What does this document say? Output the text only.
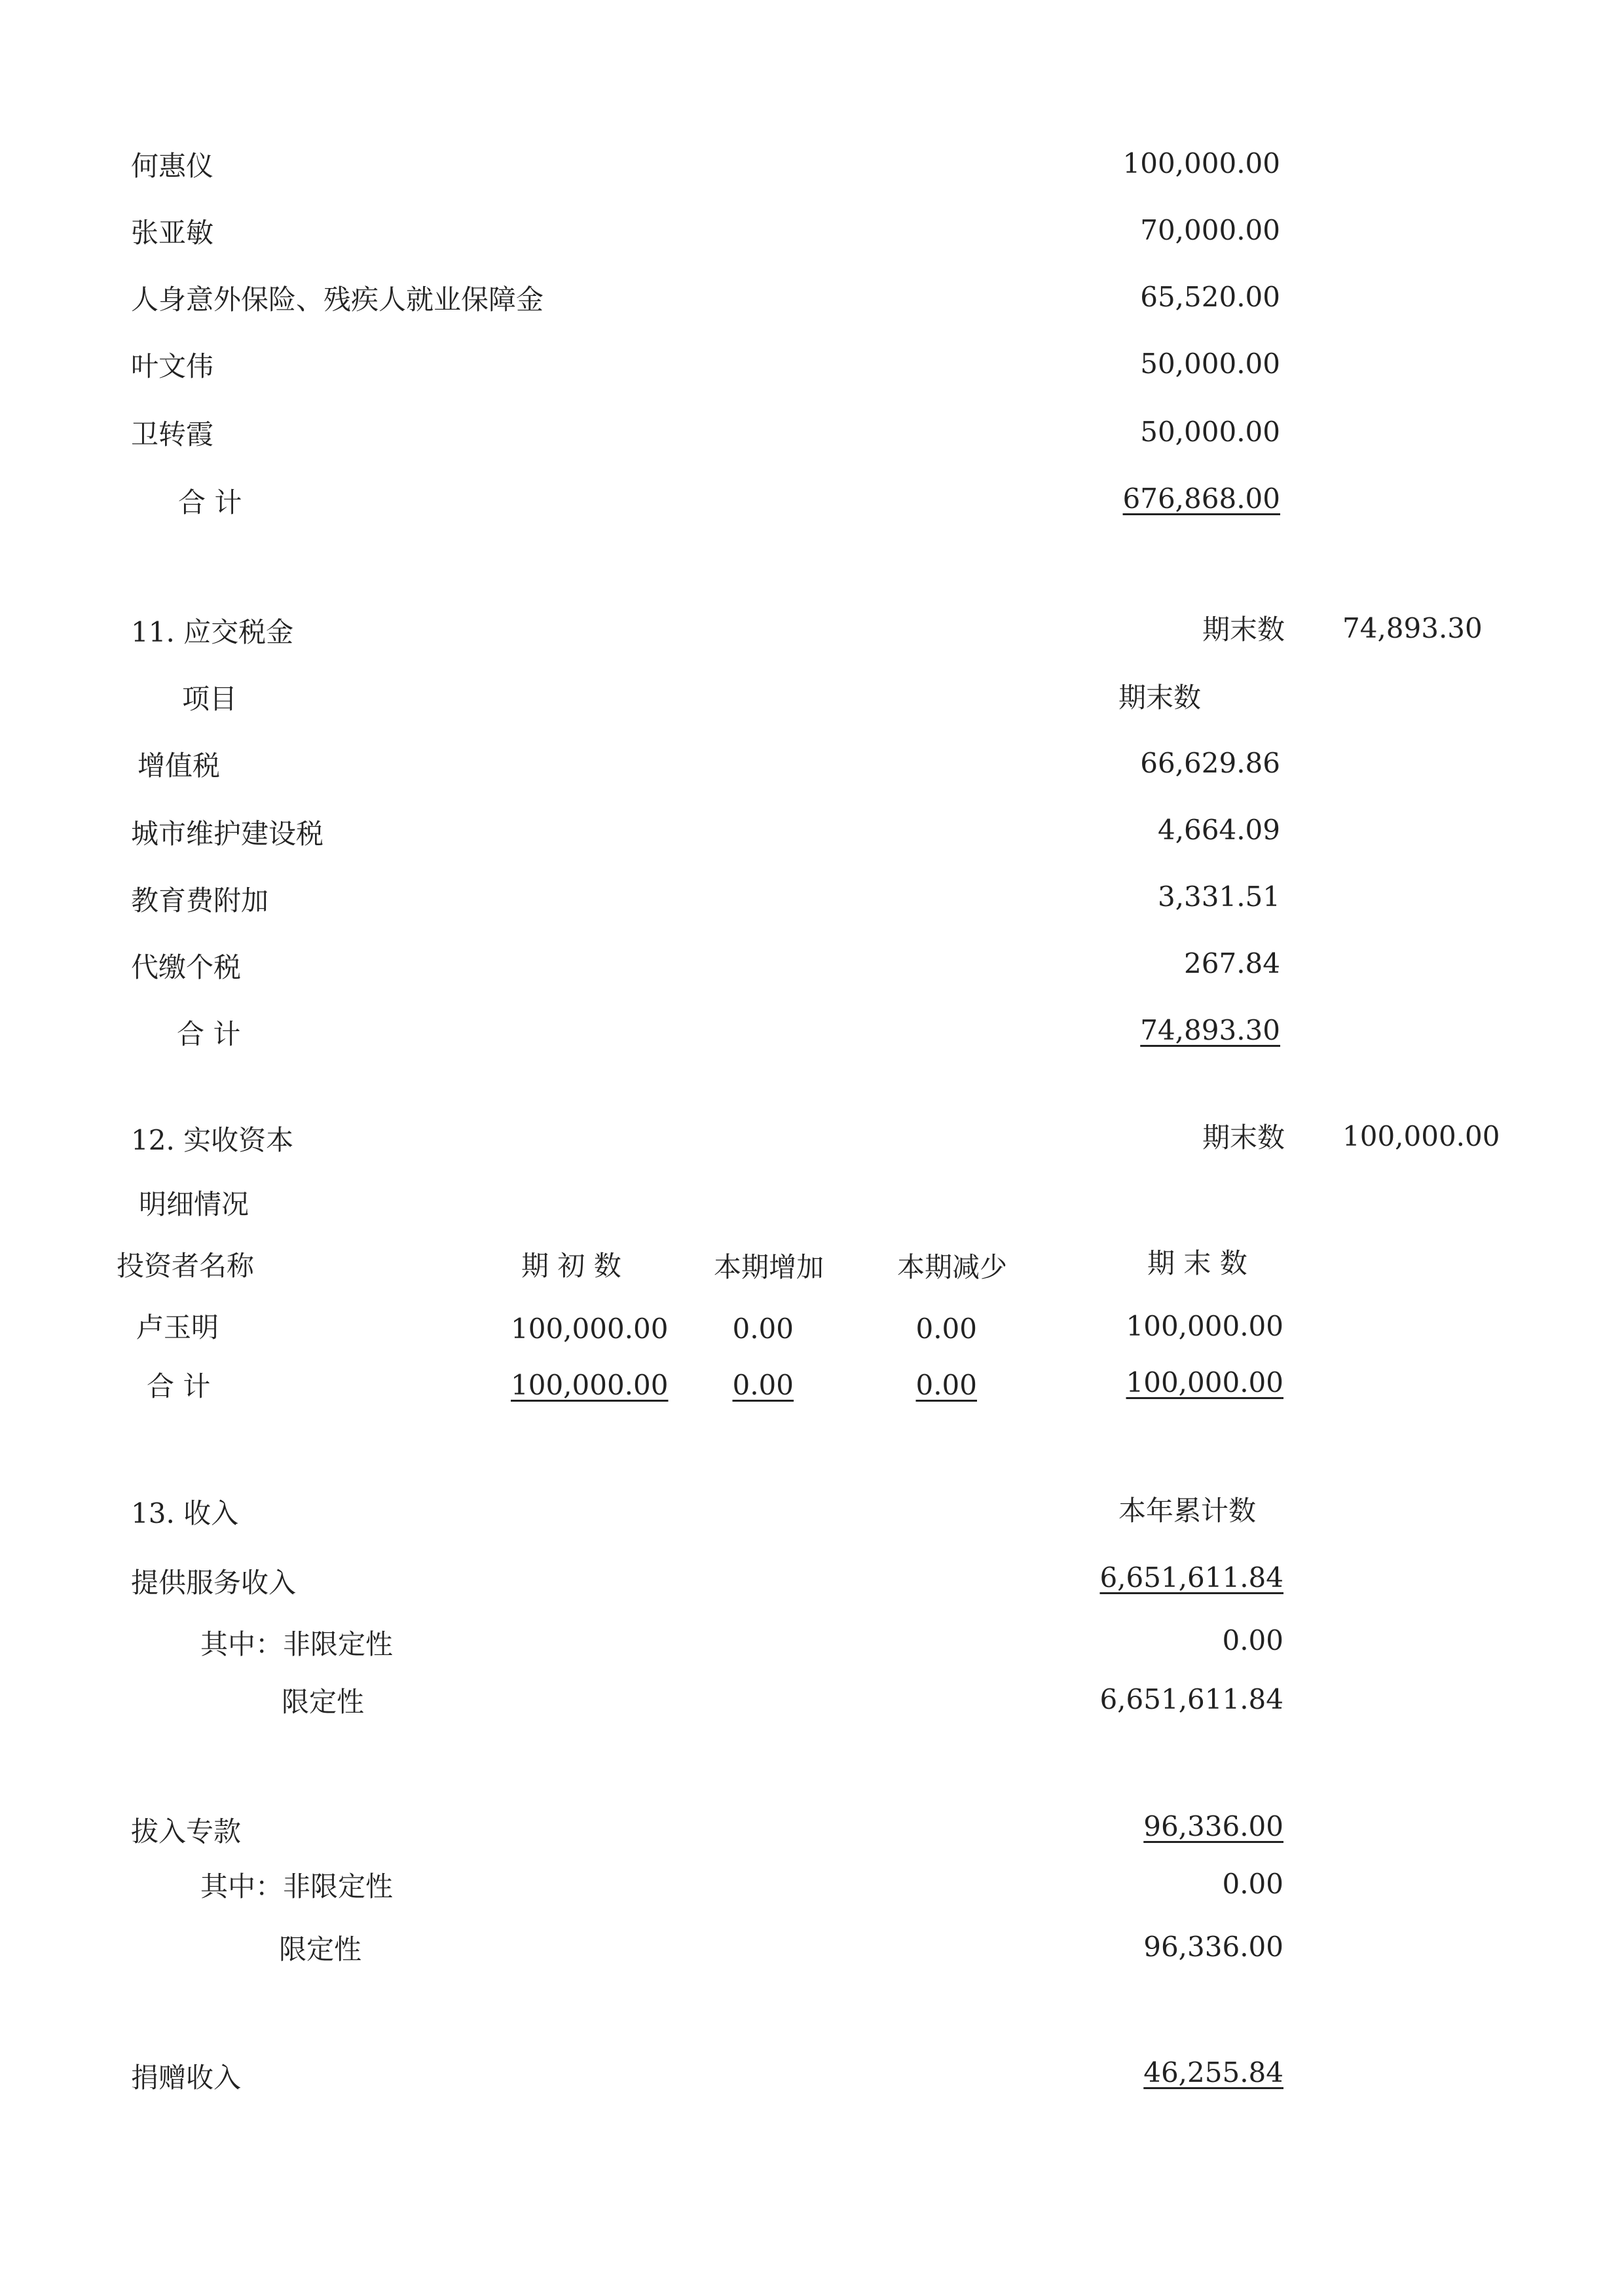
何惠仪	100,000.00
张亚敏	70,000.00
人身意外保险、残疾人就业保障金	65,520.00
叶文伟	50,000.00
卫转霞	50,000.00
合 计	676,868.00
11. 应交税金	期末数 74,893.30
项目	期末数
增值税	66,629.86
城市维护建设税	4,664.09
教育费附加	3,331.51
代缴个税	267.84
合 计	74,893.30
12. 实收资本	期末数 100,000.00
明细情况
投资者名称	期 初 数	本期增加	本期减少	期 末 数
卢玉明	100,000.00	0.00	0.00	100,000.00
合 计	100,000.00	0.00	0.00	100,000.00
13. 收入	本年累计数
提供服务收入	6,651,611.84
其中：非限定性	0.00
限定性	6,651,611.84
拔入专款	96,336.00
其中：非限定性	0.00
限定性	96,336.00
捐赠收入	46,255.84
